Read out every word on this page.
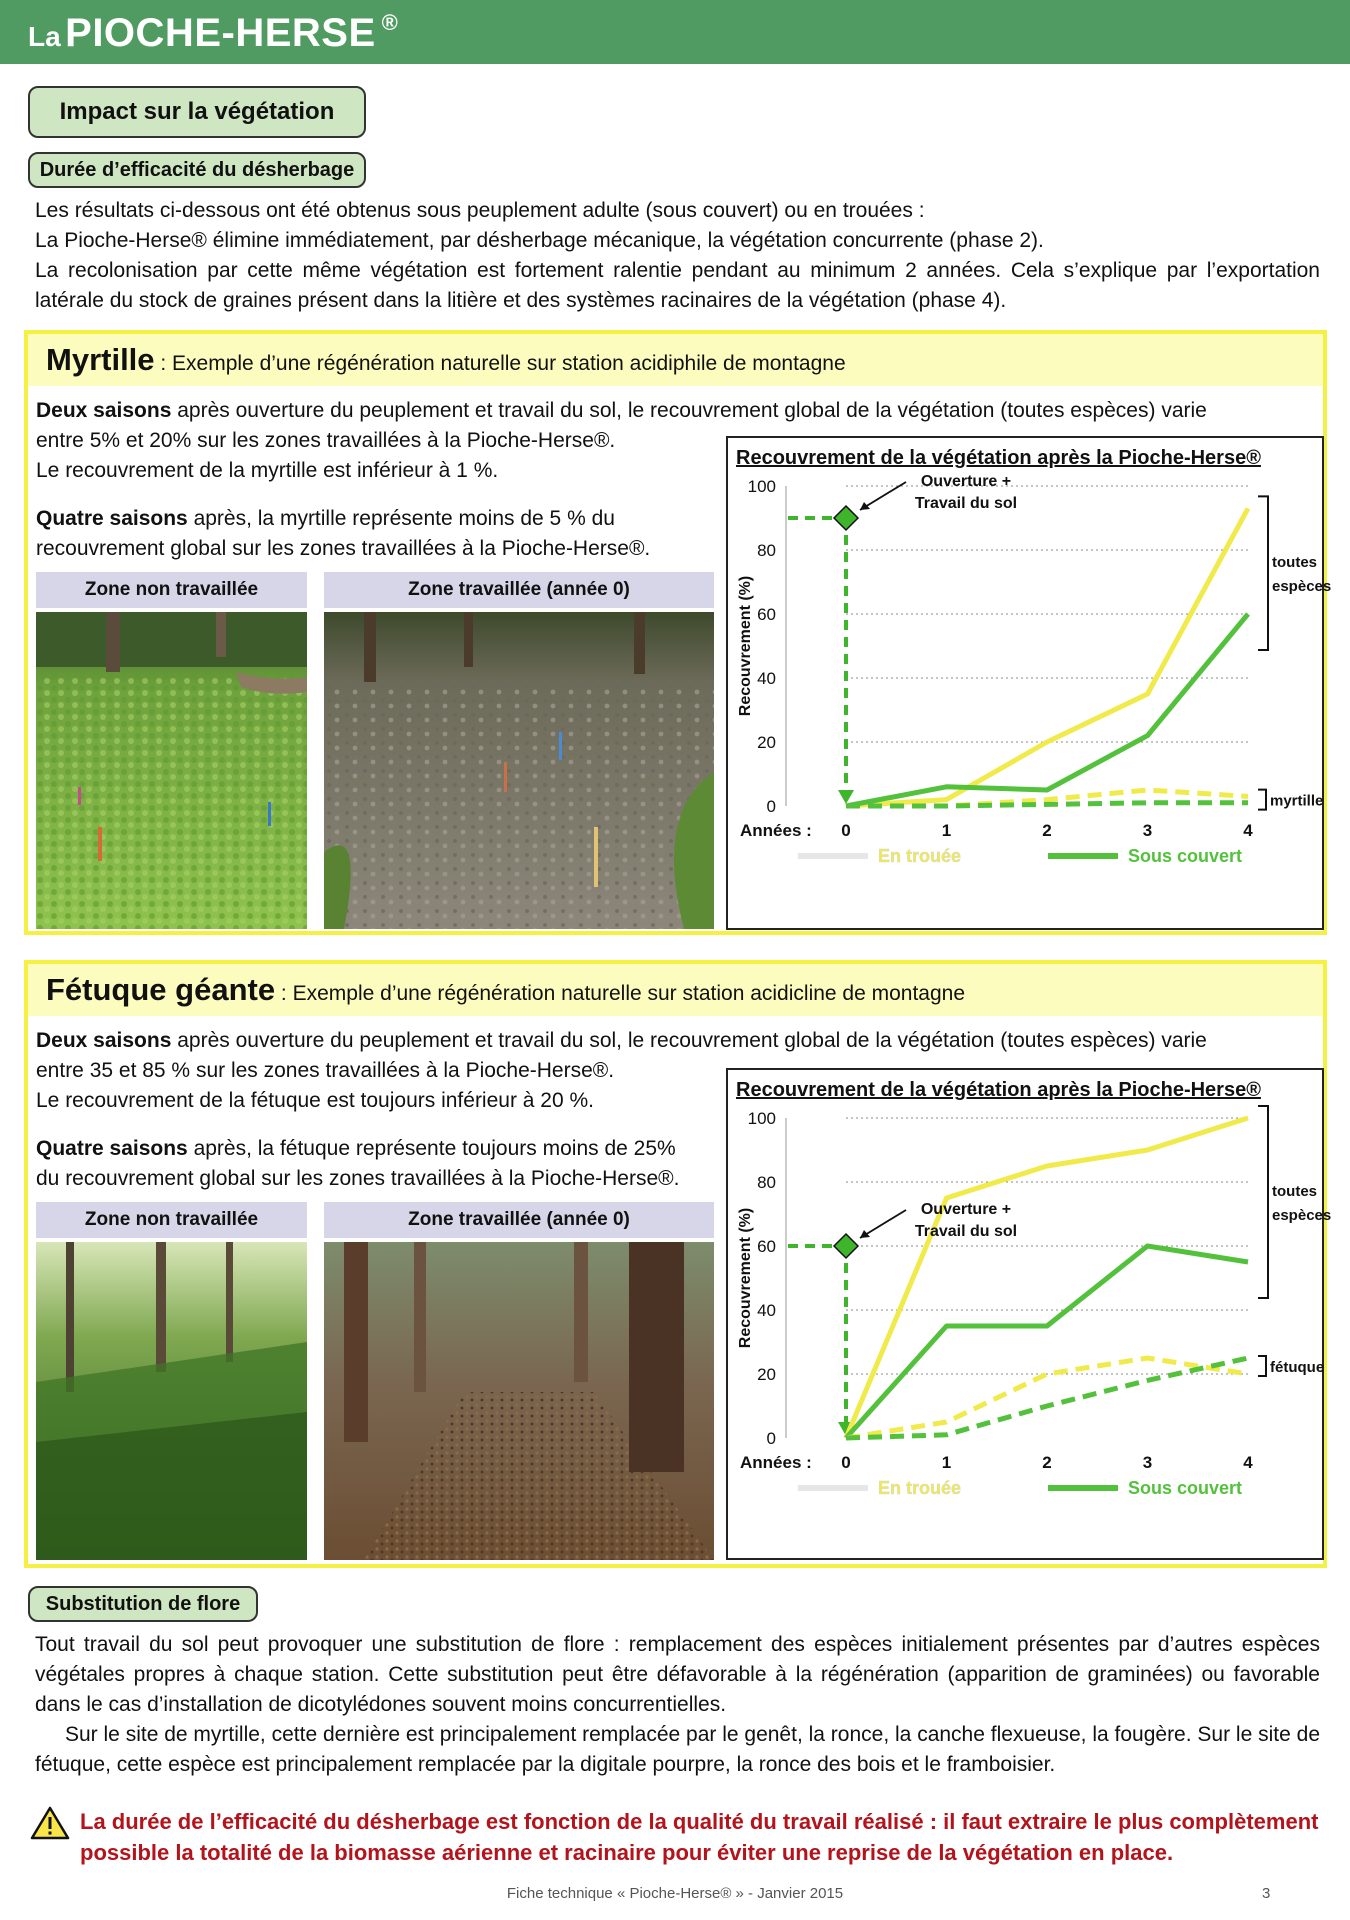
La PIOCHE-HERSE ®
Impact sur la végétation
Durée d’efficacité du désherbage
Les résultats ci-dessous ont été obtenus sous peuplement adulte (sous couvert) ou en trouées :
La Pioche-Herse® élimine immédiatement, par désherbage mécanique, la végétation concurrente (phase 2).
La recolonisation par cette même végétation est fortement ralentie pendant au minimum 2 années. Cela s’explique par l’exportation latérale du stock de graines présent dans la litière et des systèmes racinaires de la végétation (phase 4).
Myrtille : Exemple d’une régénération naturelle sur station acidiphile de montagne
Deux saisons après ouverture du peuplement et travail du sol, le recouvrement global de la végétation (toutes espèces) varie
entre 5% et 20% sur les zones travaillées à la Pioche-Herse®.
Le recouvrement de la myrtille est inférieur à 1 %.
Quatre saisons après, la myrtille représente moins de 5 % du
recouvrement global sur les zones travaillées à la Pioche-Herse®.
Zone non travaillée	Zone travaillée (année 0)
Recouvrement de la végétation après la Pioche-Herse®
0
20
40
60
80
100
Recouvrement (%)
Années : 0	1	2	3	4
Ouverture +
Travail du sol
toutes
espèces
myrtille
En trouée	Sous couvert
Fétuque géante : Exemple d’une régénération naturelle sur station acidicline de montagne
Deux saisons après ouverture du peuplement et travail du sol, le recouvrement global de la végétation (toutes espèces) varie
entre 35 et 85 % sur les zones travaillées à la Pioche-Herse®.
Le recouvrement de la fétuque est toujours inférieur à 20 %.
Quatre saisons après, la fétuque représente toujours moins de 25%
du recouvrement global sur les zones travaillées à la Pioche-Herse®.
Zone non travaillée	Zone travaillée (année 0)
Recouvrement de la végétation après la Pioche-Herse®
0
20
40
60
80
100
Recouvrement (%)
Années : 0	1	2	3	4
Ouverture +
Travail du sol
toutes
espèces
fétuque
En trouée	Sous couvert
Substitution de flore
Tout travail du sol peut provoquer une substitution de flore : remplacement des espèces initialement présentes par d’autres espèces végétales propres à chaque station. Cette substitution peut être défavorable à la régénération (apparition de graminées) ou favorable dans le cas d’installation de dicotylédones souvent moins concurrentielles.
Sur le site de myrtille, cette dernière est principalement remplacée par le genêt, la ronce, la canche flexueuse, la fougère. Sur le site de fétuque, cette espèce est principalement remplacée par la digitale pourpre, la ronce des bois et le framboisier.
La durée de l’efficacité du désherbage est fonction de la qualité du travail réalisé : il faut extraire le plus complètement possible la totalité de la biomasse aérienne et racinaire pour éviter une reprise de la végétation en place.
Fiche technique « Pioche-Herse® » - Janvier 2015	3
